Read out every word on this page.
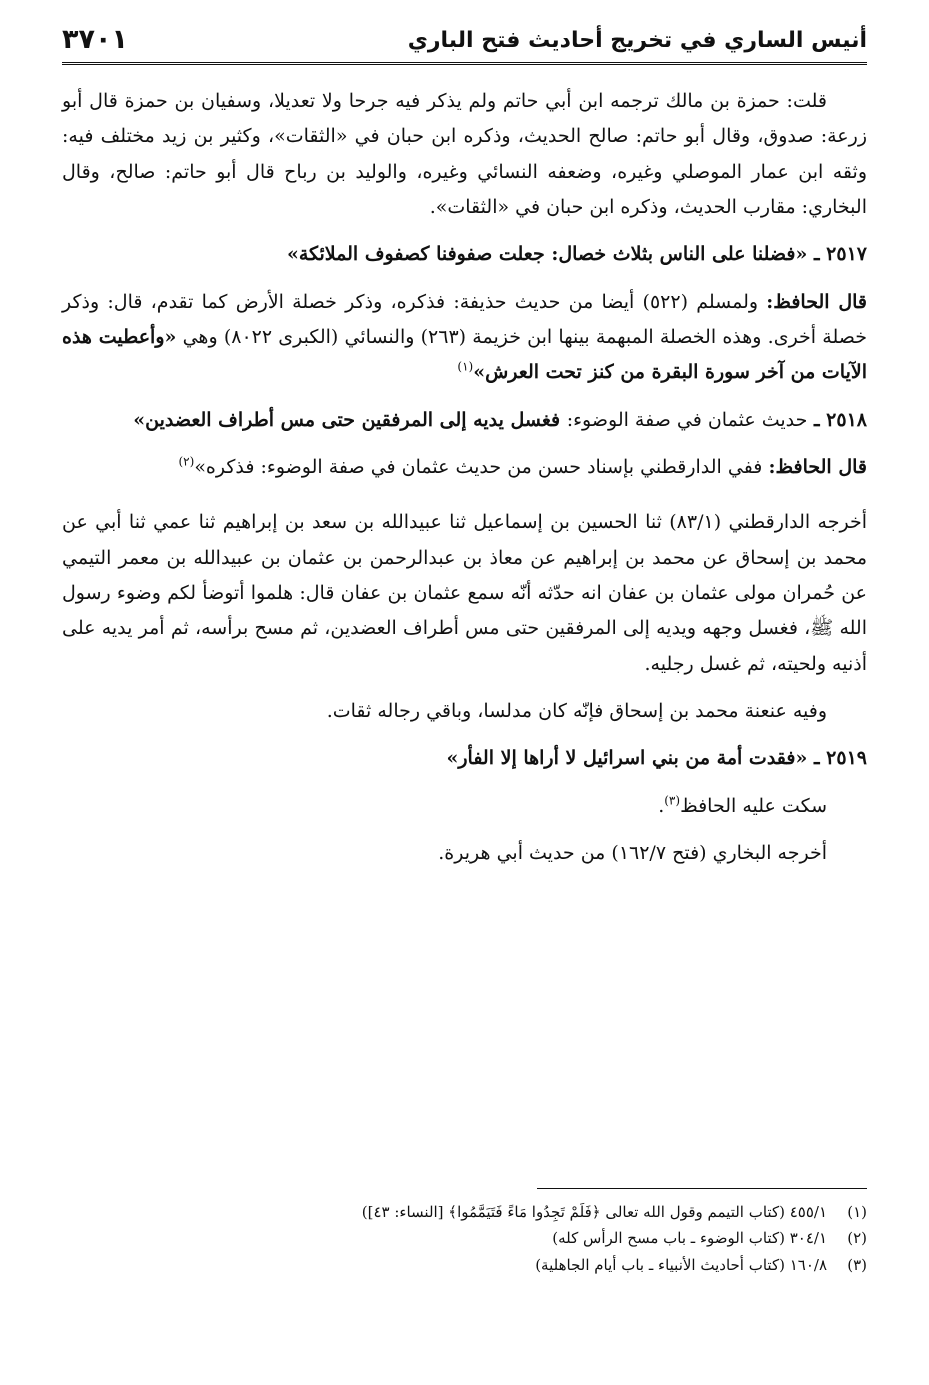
أنيس الساري في تخريج أحاديث فتح الباري
٣٧٠١

قلت: حمزة بن مالك ترجمه ابن أبي حاتم ولم يذكر فيه جرحا ولا تعديلا، وسفيان بن حمزة قال أبو زرعة: صدوق، وقال أبو حاتم: صالح الحديث، وذكره ابن حبان في «الثقات»، وكثير بن زيد مختلف فيه: وثقه ابن عمار الموصلي وغيره، وضعفه النسائي وغيره، والوليد بن رباح قال أبو حاتم: صالح، وقال البخاري: مقارب الحديث، وذكره ابن حبان في «الثقات».

٢٥١٧ ـ «فضلنا على الناس بثلاث خصال: جعلت صفوفنا كصفوف الملائكة»

قال الحافظ: ولمسلم (٥٢٢) أيضا من حديث حذيفة: فذكره، وذكر خصلة الأرض كما تقدم، قال: وذكر خصلة أخرى. وهذه الخصلة المبهمة بينها ابن خزيمة (٢٦٣) والنسائي (الكبرى ٨٠٢٢) وهي «وأعطيت هذه الآيات من آخر سورة البقرة من كنز تحت العرش»$^{(١)}$

٢٥١٨ ـ حديث عثمان في صفة الوضوء: فغسل يديه إلى المرفقين حتى مس أطراف العضدين»

قال الحافظ: ففي الدارقطني بإسناد حسن من حديث عثمان في صفة الوضوء: فذكره»$^{(٢)}$

أخرجه الدارقطني (٨٣/١) ثنا الحسين بن إسماعيل ثنا عبيدالله بن سعد بن إبراهيم ثنا عمي ثنا أبي عن محمد بن إسحاق عن محمد بن إبراهيم عن معاذ بن عبدالرحمن بن عثمان بن عبيدالله بن معمر التيمي عن حُمران مولى عثمان بن عفان انه حدّثه أنّه سمع عثمان بن عفان قال: هلموا أتوضأ لكم وضوء رسول الله ﷺ، فغسل وجهه ويديه إلى المرفقين حتى مس أطراف العضدين، ثم مسح برأسه، ثم أمر يديه على أذنيه ولحيته، ثم غسل رجليه.

وفيه عنعنة محمد بن إسحاق فإنّه كان مدلسا، وباقي رجاله ثقات.

٢٥١٩ ـ «فقدت أمة من بني اسرائيل لا أراها إلا الفأر»

سكت عليه الحافظ$^{(٣)}$.

أخرجه البخاري (فتح ١٦٢/٧) من حديث أبي هريرة.

(١)
٤٥٥/١ (كتاب التيمم وقول الله تعالى ﴿فَلَمْ تَجِدُوا مَاءً فَتَيَمَّمُوا﴾ [النساء: ٤٣])
(٢)
٣٠٤/١ (كتاب الوضوء ـ باب مسح الرأس كله)
(٣)
١٦٠/٨ (كتاب أحاديث الأنبياء ـ باب أيام الجاهلية)
